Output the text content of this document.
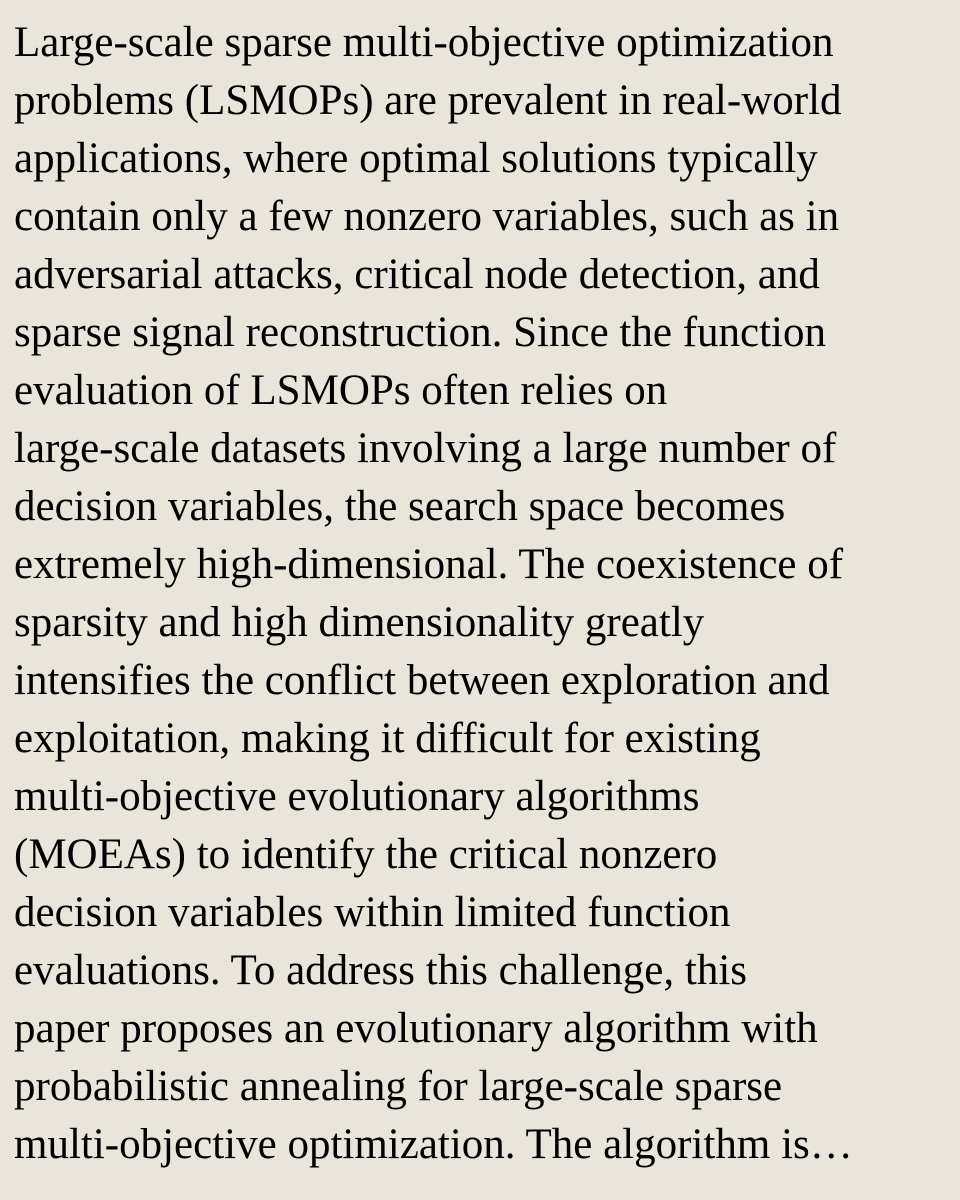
Large-scale sparse multi-objective optimization
problems (LSMOPs) are prevalent in real-world
applications, where optimal solutions typically
contain only a few nonzero variables, such as in
adversarial attacks, critical node detection, and
sparse signal reconstruction. Since the function
evaluation of LSMOPs often relies on
large-scale datasets involving a large number of
decision variables, the search space becomes
extremely high-dimensional. The coexistence of
sparsity and high dimensionality greatly
intensifies the conflict between exploration and
exploitation, making it difficult for existing
multi-objective evolutionary algorithms
(MOEAs) to identify the critical nonzero
decision variables within limited function
evaluations. To address this challenge, this
paper proposes an evolutionary algorithm with
probabilistic annealing for large-scale sparse
multi-objective optimization. The algorithm is…
